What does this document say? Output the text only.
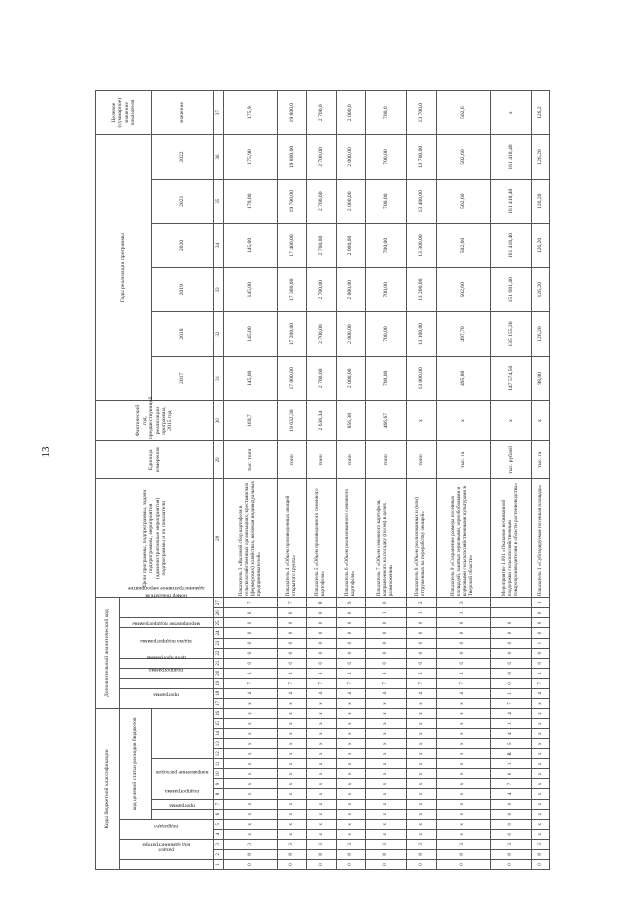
13
Коды бюджетной классификации																Дополнительный аналитический код											Цели программы, подпрограммы, задачи подпрограммы, мероприятия (административные мероприятия) подпрограммы и их показатели	Единица измерения	Фактический год, предшествующий реализации программы, 2015 год	Годы реализации программы						Целевое (суммарное) значение показателя
код администратора	раздел		подраздел		код целевой статьи расходов бюджетов											программа		подпрограмма	цель программы	задача подпрограммы	мероприятие подпрограммы			административное мероприятие	номер показателя											
					программа	подпрограмма	направление расходов																							2017	2018	2019	2020	2021	2022	значение
1	2	3	4	5	6	7	8	9	10	11	12	13	14	15	16	17	18	19	20	21	22	23	24	25	26	27	28	29	30	31	32	33	34	35	36	37
0	8	3	х	х	х	х	х	х	х	х	х	х	х	х	х	х	4	7	1	0	0	0	0	0	0	7	Показатель 3 «Валовой сбор картофеля в сельскохозяйственных организациях, крестьянских (фермерских) хозяйствах, включая индивидуальных предпринимателей»	тыс. тонн	169,7	145,00	145,00	145,00	145,00	170,00	175,90	175,9
0	8	3	х	х	х	х	х	х	х	х	х	х	х	х	х	х	4	7	1	0	0	0	0	0	0	7	Показатель 4 «Объем произведенных овощей открытого грунта»	тонн	19 632,30	17 000,00	17 200,00	17 300,00	17 400,00	19 700,00	19 800,00	19 800,0
0	8	3	х	х	х	х	х	х	х	х	х	х	х	х	х	х	4	7	1	0	0	0	0	0	0	8	Показатель 5 «Объем произведенного семенного картофеля»	тонн	2 636,34	2 700,00	2 700,00	2 700,00	2 700,00	2 700,00	2 700,00	2 700,0
0	8	3	х	х	х	х	х	х	х	х	х	х	х	х	х	х	4	7	1	0	0	0	0	0	0	9	Показатель 6 «Объем реализованного семенного картофеля»	тонн	856,38	2 000,00	2 000,00	2 000,00	2 000,00	2 000,00	2 000,00	2 000,0
0	8	3	х	х	х	х	х	х	х	х	х	х	х	х	х	х	4	7	1	0	0	0	0	0	1	0	Показатель 7 «Объем семенного картофеля, направленного на посадку (посев) в целях размножения»	тонн	466,67	700,00	700,00	700,00	700,00	700,00	700,00	700,0
0	8	3	х	х	х	х	х	х	х	х	х	х	х	х	х	х	4	7	1	0	0	0	0	0	1	2	Показатель 8 «Объем реализованных и (или) отгруженных на переработку овощей»	тонн	х	13 000,00	13 100,00	13 200,00	13 300,00	13 400,00	13 700,00	13 700,0
0	8	3	х	х	х	х	х	х	х	х	х	х	х	х	х	х	4	7	1	0	0	0	0	0	1	3	Показатель 9 «Сохранение размера посевных площадей, занятых зерновыми, зернобобовыми и кормовыми сельскохозяйственными культурами в Тверской области»	тыс. га	х	495,80	497,70	502,60	502,60	502,60	502,60	502,6
0	8	3	0	0	0	0	4	7	0	1	R	5	4	1	4	7	1	0	0	0	0	0	0	0			Мероприятие 1.001 «Оказание несвязанной поддержки сельскохозяйственным товаропроизводителям в области растениеводства»	тыс. рублей	х	147 574,50	135 155,30	151 681,40	161 418,40	161 418,40	161 418,40	х
0	8	3	х	х	х	х	х	х	х	х	х	х	х	х	х	х	4	7	1	0	0	1	0	0	0	1	Показатель 1 «Субсидируемая посевная площадь»	тыс. га	х	98,00	126,20	126,20	126,20	126,20	126,20	126,2
